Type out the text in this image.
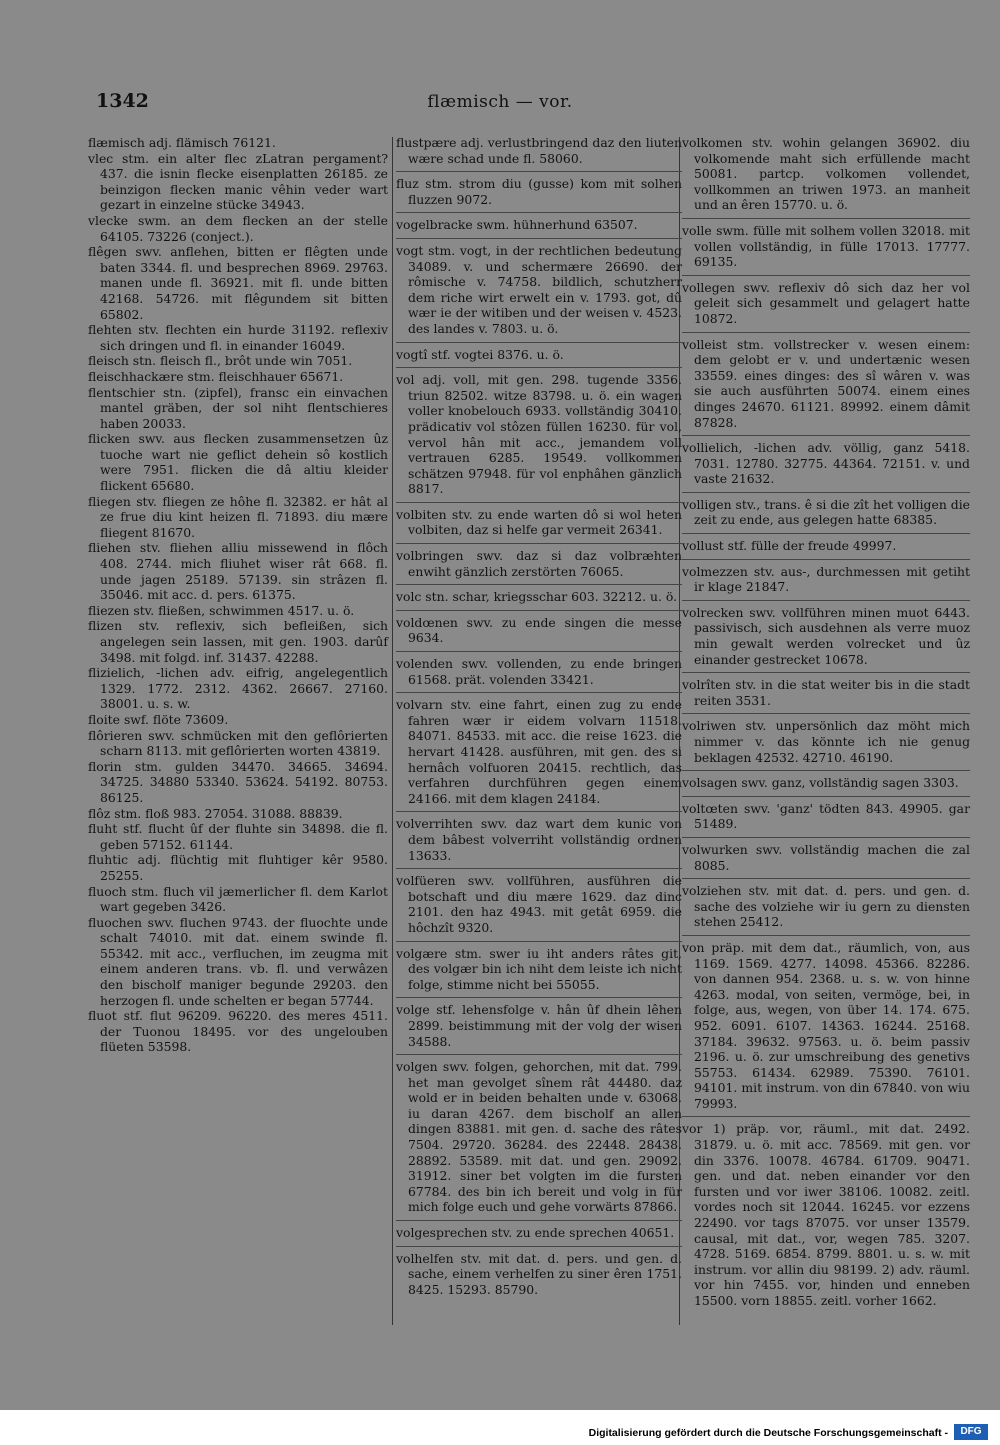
1342	flæmisch — vor.

flæmisch adj. flämisch 76121.

vlec stm. ein alter flec zLatran pergament? 437. die isnin flecke eisenplatten 26185. ze beinzigon flecken manic vêhin veder wart gezart in einzelne stücke 34943.

vlecke swm. an dem flecken an der stelle 64105. 73226 (conject.).

flêgen swv. anflehen, bitten er flêgten unde baten 3344. fl. und besprechen 8969. 29763. manen unde fl. 36921. mit fl. unde bitten 42168. 54726. mit flêgundem sit bitten 65802.

flehten stv. flechten ein hurde 31192. reflexiv sich dringen und fl. in einander 16049.

fleisch stn. fleisch fl., brôt unde win 7051.

fleischhackære stm. fleischhauer 65671.

flentschier stn. (zipfel), fransc ein einvachen mantel gräben, der sol niht flentschieres haben 20033.

flicken swv. aus flecken zusammensetzen ûz tuoche wart nie geflict dehein sô kostlich were 7951. flicken die dâ altiu kleider flickent 65680.

fliegen stv. fliegen ze hôhe fl. 32382. er hât al ze frue diu kint heizen fl. 71893. diu mære fliegent 81670.

fliehen stv. fliehen alliu missewend in flôch 408. 2744. mich fliuhet wiser rât 668. fl. unde jagen 25189. 57139. sin strâzen fl. 35046. mit acc. d. pers. 61375.

fliezen stv. fließen, schwimmen 4517. u. ö.

flizen stv. reflexiv, sich befleißen, sich angelegen sein lassen, mit gen. 1903. darûf 3498. mit folgd. inf. 31437. 42288.

flizielich, -lichen adv. eifrig, angelegentlich 1329. 1772. 2312. 4362. 26667. 27160. 38001. u. s. w.

floite swf. flöte 73609.

flôrieren swv. schmücken mit den geflôrierten scharn 8113. mit geflôrierten worten 43819.

florin stm. gulden 34470. 34665. 34694. 34725. 34880 53340. 53624. 54192. 80753. 86125.

flôz stm. floß 983. 27054. 31088. 88839.

fluht stf. flucht ûf der fluhte sin 34898. die fl. geben 57152. 61144.

fluhtic adj. flüchtig mit fluhtiger kêr 9580. 25255.

fluoch stm. fluch vil jæmerlicher fl. dem Karlot wart gegeben 3426.

fluochen swv. fluchen 9743. der fluochte unde schalt 74010. mit dat. einem swinde fl. 55342. mit acc., verfluchen, im zeugma mit einem anderen trans. vb. fl. und verwâzen den bischolf maniger begunde 29203. den herzogen fl. unde schelten er began 57744.

fluot stf. flut 96209. 96220. des meres 4511. der Tuonou 18495. vor des ungelouben flüeten 53598.

flustpære adj. verlustbringend daz den liuten wære schad unde fl. 58060.

fluz stm. strom diu (gusse) kom mit solhen fluzzen 9072.

vogelbracke swm. hühnerhund 63507.

vogt stm. vogt, in der rechtlichen bedeutung 34089. v. und schermære 26690. der rômische v. 74758. bildlich, schutzherr dem riche wirt erwelt ein v. 1793. got, dû wær ie der witiben und der weisen v. 4523. des landes v. 7803. u. ö.

vogtî stf. vogtei 8376. u. ö.

vol adj. voll, mit gen. 298. tugende 3356. triun 82502. witze 83798. u. ö. ein wagen voller knobelouch 6933. vollständig 30410. prädicativ vol stôzen füllen 16230. für vol, vervol hân mit acc., jemandem voll vertrauen 6285. 19549. vollkommen schätzen 97948. für vol enphâhen gänzlich 8817.

volbiten stv. zu ende warten dô si wol heten volbiten, daz si helfe gar vermeit 26341.

volbringen swv. daz si daz volbræhten enwiht gänzlich zerstörten 76065.

volc stn. schar, kriegsschar 603. 32212. u. ö.

voldœnen swv. zu ende singen die messe 9634.

volenden swv. vollenden, zu ende bringen 61568. prät. volenden 33421.

volvarn stv. eine fahrt, einen zug zu ende fahren wær ir eidem volvarn 11518. 84071. 84533. mit acc. die reise 1623. die hervart 41428. ausführen, mit gen. des si hernâch volfuoren 20415. rechtlich, das verfahren durchführen gegen einem 24166. mit dem klagen 24184.

volverrihten swv. daz wart dem kunic von dem bâbest volverriht vollständig ordnen 13633.

volfüeren swv. vollführen, ausführen die botschaft und diu mære 1629. daz dinc 2101. den haz 4943. mit getât 6959. die hôchzît 9320.

volgære stm. swer iu iht anders râtes git, des volgær bin ich niht dem leiste ich nicht folge, stimme nicht bei 55055.

volge stf. lehensfolge v. hân ûf dhein lêhen 2899. beistimmung mit der volg der wisen 34588.

volgen swv. folgen, gehorchen, mit dat. 799. het man gevolget sînem rât 44480. daz wold er in beiden behalten unde v. 63068. iu daran 4267. dem bischolf an allen dingen 83881. mit gen. d. sache des râtes 7504. 29720. 36284. des 22448. 28438. 28892. 53589. mit dat. und gen. 29092. 31912. siner bet volgten im die fursten 67784. des bin ich bereit und volg in für mich folge euch und gehe vorwärts 87866.

volgesprechen stv. zu ende sprechen 40651.

volhelfen stv. mit dat. d. pers. und gen. d. sache, einem verhelfen zu siner êren 1751. 8425. 15293. 85790.

volkomen stv. wohin gelangen 36902. diu volkomende maht sich erfüllende macht 50081. partcp. volkomen vollendet, vollkommen an triwen 1973. an manheit und an êren 15770. u. ö.

volle swm. fülle mit solhem vollen 32018. mit vollen vollständig, in fülle 17013. 17777. 69135.

vollegen swv. reflexiv dô sich daz her vol geleit sich gesammelt und gelagert hatte 10872.

volleist stm. vollstrecker v. wesen einem: dem gelobt er v. und undertænic wesen 33559. eines dinges: des sî wâren v. was sie auch ausführten 50074. einem eines dinges 24670. 61121. 89992. einem dâmit 87828.

vollielich, -lichen adv. völlig, ganz 5418. 7031. 12780. 32775. 44364. 72151. v. und vaste 21632.

volligen stv., trans. ê si die zît het volligen die zeit zu ende, aus gelegen hatte 68385.

vollust stf. fülle der freude 49997.

volmezzen stv. aus-, durchmessen mit getiht ir klage 21847.

volrecken swv. vollführen minen muot 6443. passivisch, sich ausdehnen als verre muoz min gewalt werden volrecket und ûz einander gestrecket 10678.

volrîten stv. in die stat weiter bis in die stadt reiten 3531.

volriwen stv. unpersönlich daz möht mich nimmer v. das könnte ich nie genug beklagen 42532. 42710. 46190.

volsagen swv. ganz, vollständig sagen 3303.

voltœten swv. 'ganz' tödten 843. 49905. gar 51489.

volwurken swv. vollständig machen die zal 8085.

volziehen stv. mit dat. d. pers. und gen. d. sache des volziehe wir iu gern zu diensten stehen 25412.

von präp. mit dem dat., räumlich, von, aus 1169. 1569. 4277. 14098. 45366. 82286. von dannen 954. 2368. u. s. w. von hinne 4263. modal, von seiten, vermöge, bei, in folge, aus, wegen, von über 14. 174. 675. 952. 6091. 6107. 14363. 16244. 25168. 37184. 39632. 97563. u. ö. beim passiv 2196. u. ö. zur umschreibung des genetivs 55753. 61434. 62989. 75390. 76101. 94101. mit instrum. von din 67840. von wiu 79993.

vor 1) präp. vor, räuml., mit dat. 2492. 31879. u. ö. mit acc. 78569. mit gen. vor din 3376. 10078. 46784. 61709. 90471. gen. und dat. neben einander vor den fursten und vor iwer 38106. 10082. zeitl. vordes noch sit 12044. 16245. vor ezzens 22490. vor tags 87075. vor unser 13579. causal, mit dat., vor, wegen 785. 3207. 4728. 5169. 6854. 8799. 8801. u. s. w. mit instrum. vor allin diu 98199. 2) adv. räuml. vor hin 7455. vor, hinden und enneben 15500. vorn 18855. zeitl. vorher 1662.

Digitalisierung gefördert durch die Deutsche Forschungsgemeinschaft -	DFG
